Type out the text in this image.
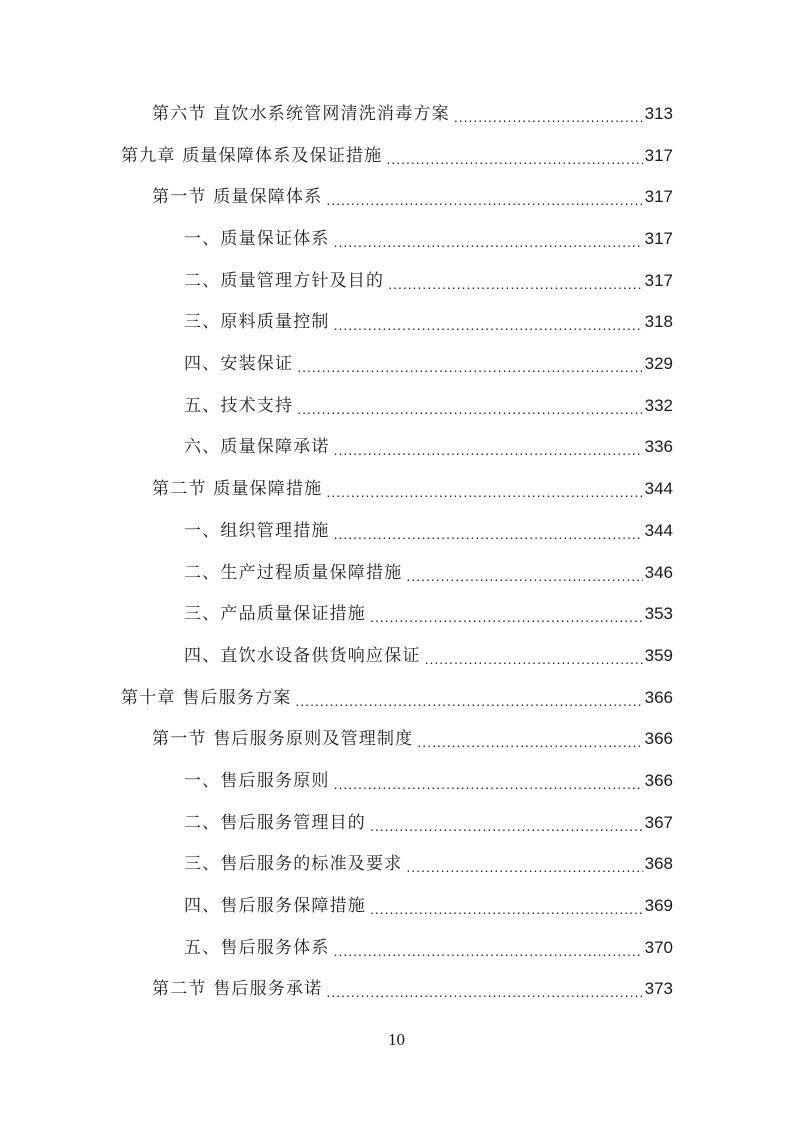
第六节 直饮水系统管网清洗消毒方案 .....	313
第九章 质量保障体系及保证措施 .....	317
第一节 质量保障体系 .....	317
一、质量保证体系 .....	317
二、质量管理方针及目的 .....	317
三、原料质量控制 .....	318
四、安装保证 .....	329
五、技术支持 .....	332
六、质量保障承诺 .....	336
第二节 质量保障措施 .....	344
一、组织管理措施 .....	344
二、生产过程质量保障措施 .....	346
三、产品质量保证措施 .....	353
四、直饮水设备供货响应保证 .....	359
第十章 售后服务方案 .....	366
第一节 售后服务原则及管理制度 .....	366
一、售后服务原则 .....	366
二、售后服务管理目的 .....	367
三、售后服务的标准及要求 .....	368
四、售后服务保障措施 .....	369
五、售后服务体系 .....	370
第二节 售后服务承诺 .....	373
10
